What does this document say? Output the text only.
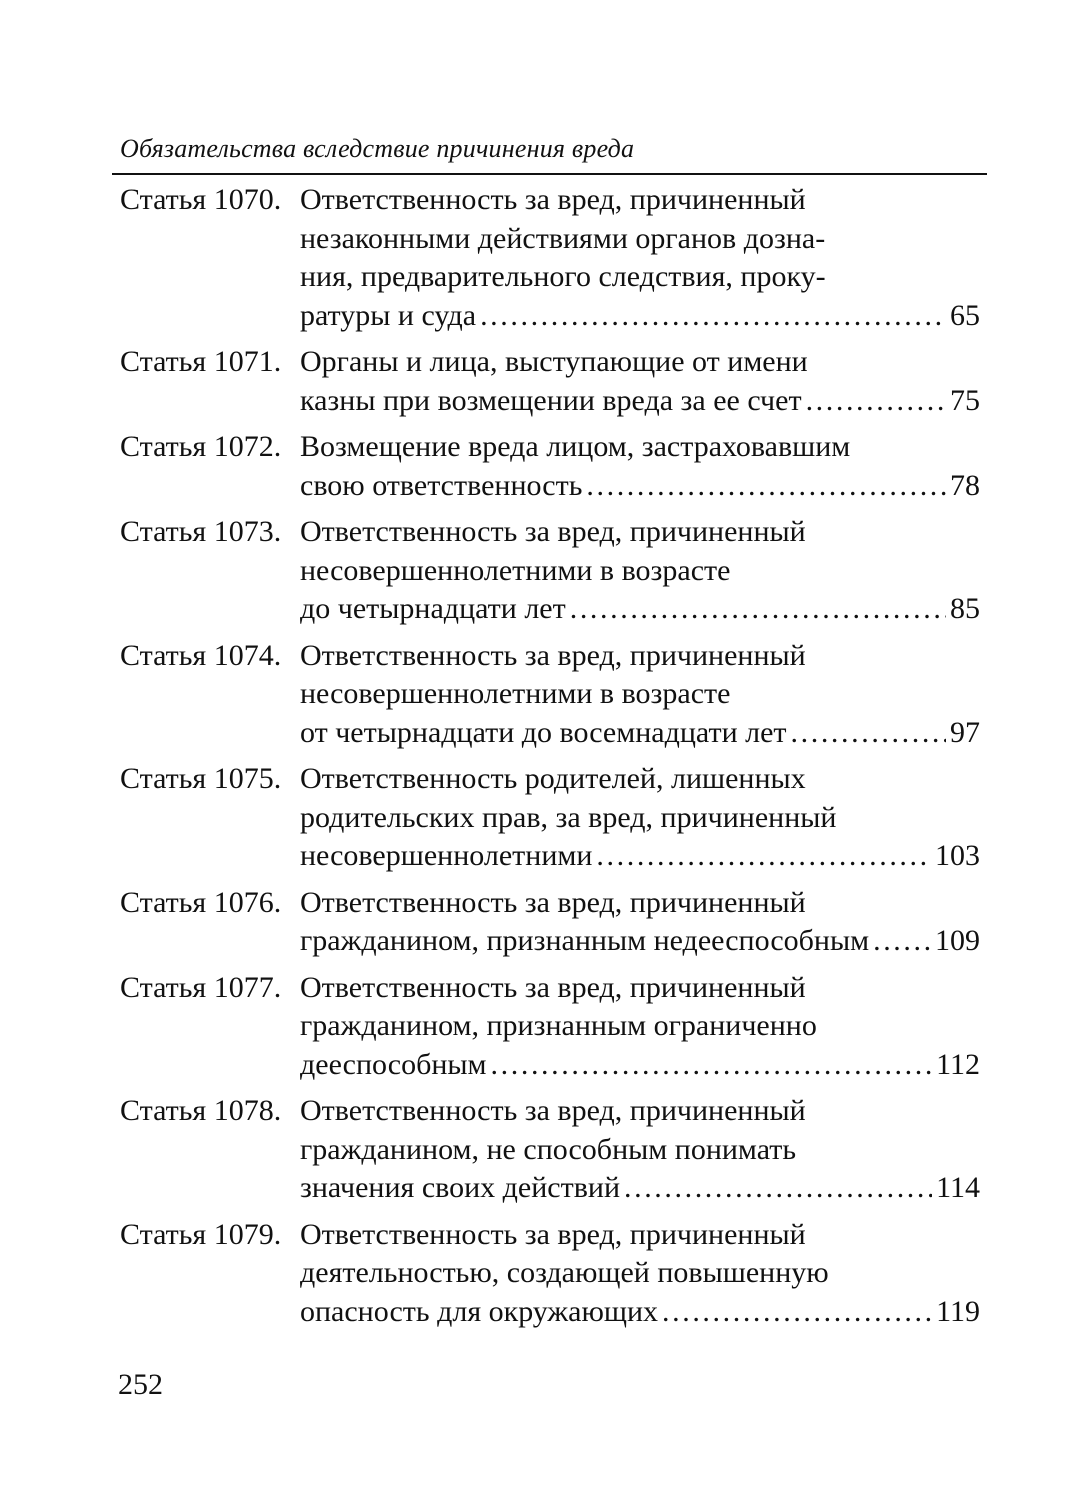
Обязательства вследствие причинения вреда
Статья 1070. Ответственность за вред, причиненный
незаконными действиями органов дозна-
ния, предварительного следствия, проку-
ратуры и суда .....	65
Статья 1071. Органы и лица, выступающие от имени
казны при возмещении вреда за ее счет .....	75
Статья 1072. Возмещение вреда лицом, застраховавшим
свою ответственность .....	78
Статья 1073. Ответственность за вред, причиненный
несовершеннолетними в возрасте
до четырнадцати лет .....	85
Статья 1074. Ответственность за вред, причиненный
несовершеннолетними в возрасте
от четырнадцати до восемнадцати лет .....	97
Статья 1075. Ответственность родителей, лишенных
родительских прав, за вред, причиненный
несовершеннолетними .....	103
Статья 1076. Ответственность за вред, причиненный
гражданином, признанным недееспособным ..... 109
Статья 1077. Ответственность за вред, причиненный
гражданином, признанным ограниченно
дееспособным .....	112
Статья 1078. Ответственность за вред, причиненный
гражданином, не способным понимать
значения своих действий .....	114
Статья 1079. Ответственность за вред, причиненный
деятельностью, создающей повышенную
опасность для окружающих .....	119
252
